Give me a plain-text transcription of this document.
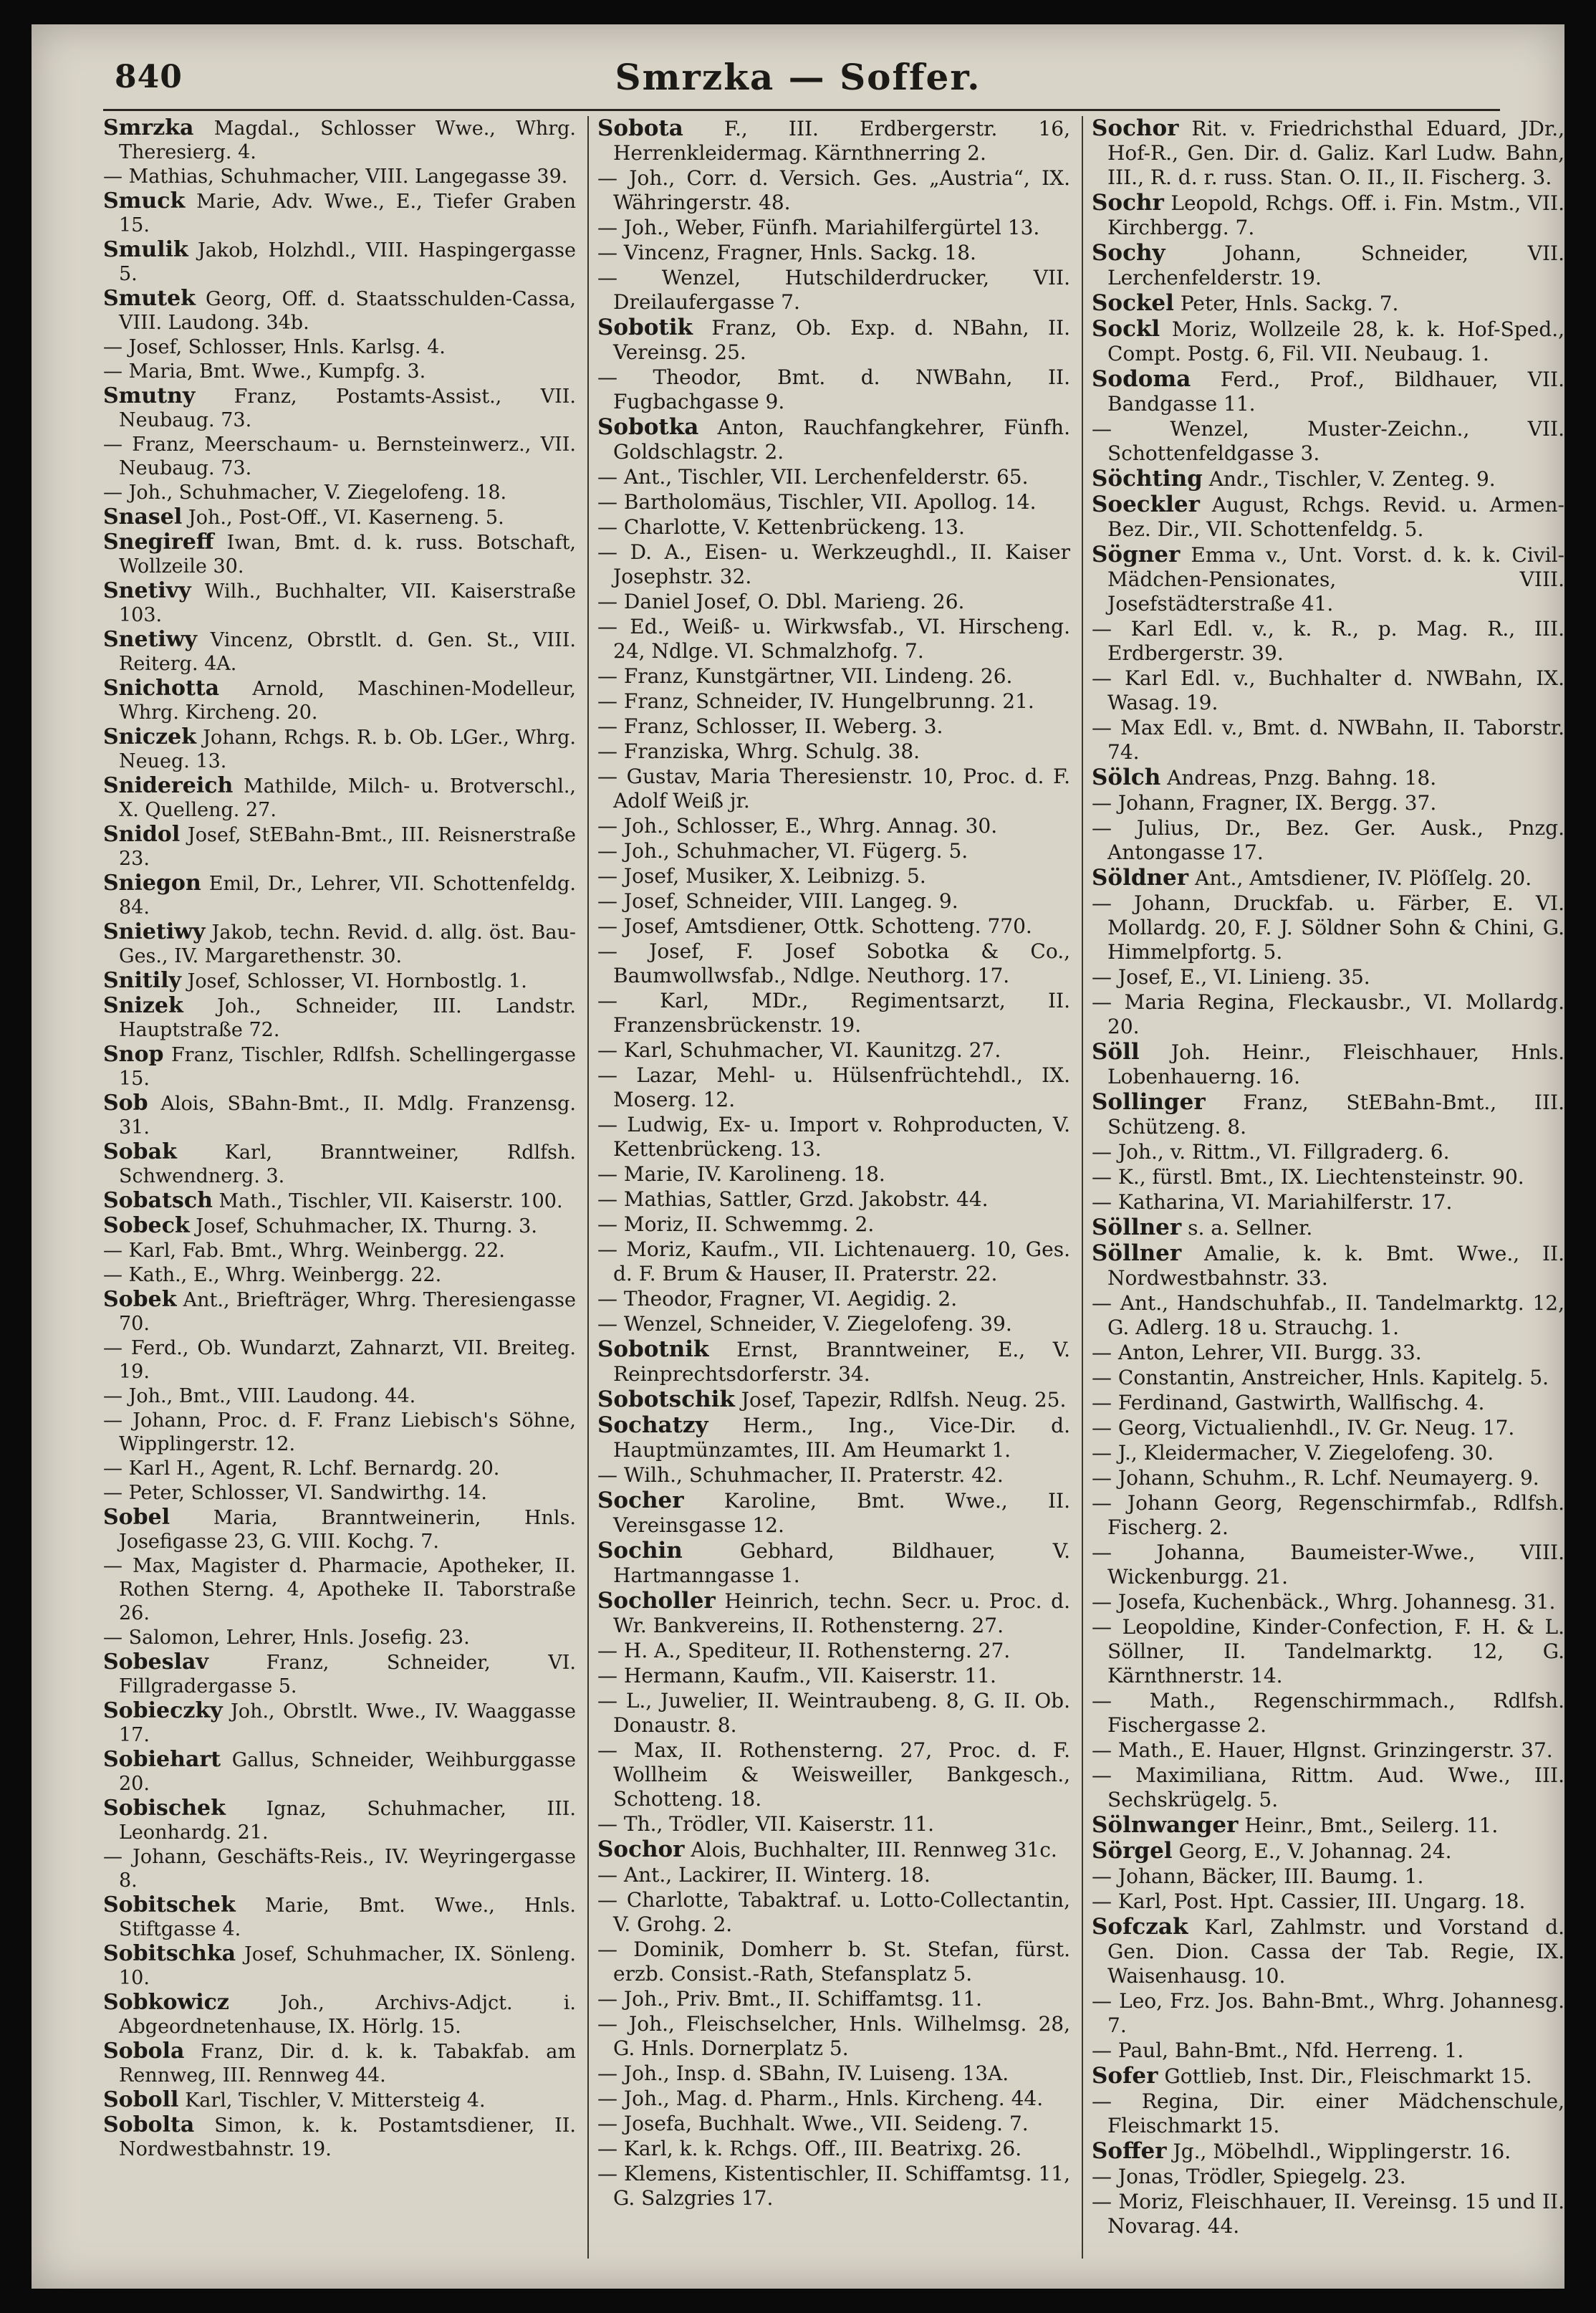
840	Smrzka — Soffer.

Smrzka Magdal., Schlosser Wwe., Whrg. Theresierg. 4.

— Mathias, Schuhmacher, VIII. Langegasse 39.

Smuck Marie, Adv. Wwe., E., Tiefer Graben 15.

Smulik Jakob, Holzhdl., VIII. Haspingergasse 5.

Smutek Georg, Off. d. Staatsschulden-Cassa, VIII. Laudong. 34b.

— Josef, Schlosser, Hnls. Karlsg. 4.

— Maria, Bmt. Wwe., Kumpfg. 3.

Smutny Franz, Postamts-Assist., VII. Neubaug. 73.

— Franz, Meerschaum- u. Bernsteinwerz., VII. Neubaug. 73.

— Joh., Schuhmacher, V. Ziegelofeng. 18.

Snasel Joh., Post-Off., VI. Kaserneng. 5.

Snegireff Iwan, Bmt. d. k. russ. Botschaft, Wollzeile 30.

Snetivy Wilh., Buchhalter, VII. Kaiserstraße 103.

Snetiwy Vincenz, Obrstlt. d. Gen. St., VIII. Reiterg. 4A.

Snichotta Arnold, Maschinen-Modelleur, Whrg. Kircheng. 20.

Sniczek Johann, Rchgs. R. b. Ob. LGer., Whrg. Neueg. 13.

Snidereich Mathilde, Milch- u. Brotverschl., X. Quelleng. 27.

Snidol Josef, StEBahn-Bmt., III. Reisnerstraße 23.

Sniegon Emil, Dr., Lehrer, VII. Schottenfeldg. 84.

Snietiwy Jakob, techn. Revid. d. allg. öst. Bau-Ges., IV. Margarethenstr. 30.

Snitily Josef, Schlosser, VI. Hornbostlg. 1.

Snizek Joh., Schneider, III. Landstr. Hauptstraße 72.

Snop Franz, Tischler, Rdlfsh. Schellingergasse 15.

Sob Alois, SBahn-Bmt., II. Mdlg. Franzensg. 31.

Sobak Karl, Branntweiner, Rdlfsh. Schwendnerg. 3.

Sobatsch Math., Tischler, VII. Kaiserstr. 100.

Sobeck Josef, Schuhmacher, IX. Thurng. 3.

— Karl, Fab. Bmt., Whrg. Weinbergg. 22.

— Kath., E., Whrg. Weinbergg. 22.

Sobek Ant., Briefträger, Whrg. Theresiengasse 70.

— Ferd., Ob. Wundarzt, Zahnarzt, VII. Breiteg. 19.

— Joh., Bmt., VIII. Laudong. 44.

— Johann, Proc. d. F. Franz Liebisch's Söhne, Wipplingerstr. 12.

— Karl H., Agent, R. Lchf. Bernardg. 20.

— Peter, Schlosser, VI. Sandwirthg. 14.

Sobel Maria, Branntweinerin, Hnls. Josefigasse 23, G. VIII. Kochg. 7.

— Max, Magister d. Pharmacie, Apotheker, II. Rothen Sterng. 4, Apotheke II. Taborstraße 26.

— Salomon, Lehrer, Hnls. Josefig. 23.

Sobeslav	Franz, Schneider, VI. Fillgradergasse 5.

Sobieczky Joh., Obrstlt. Wwe., IV. Waaggasse 17.

Sobiehart Gallus, Schneider, Weihburggasse 20.

Sobischek Ignaz, Schuhmacher, III. Leonhardg. 21.

— Johann, Geschäfts-Reis., IV. Weyringergasse 8.

Sobitschek Marie, Bmt. Wwe., Hnls. Stiftgasse 4.

Sobitschka Josef, Schuhmacher, IX. Sönleng. 10.

Sobkowicz	Joh., Archivs-Adjct. i. Abgeordnetenhause, IX. Hörlg. 15.

Sobola Franz, Dir. d. k. k. Tabakfab. am Rennweg, III. Rennweg 44.

Soboll Karl, Tischler, V. Mittersteig 4.

Sobolta Simon, k. k. Postamtsdiener, II. Nordwestbahnstr. 19.

Sobota F., III. Erdbergerstr. 16, Herrenkleidermag. Kärnthnerring 2.

— Joh., Corr. d. Versich. Ges. „Austria“, IX. Währingerstr. 48.

— Joh., Weber, Fünfh. Mariahilfergürtel 13.

— Vincenz, Fragner, Hnls. Sackg. 18.

— Wenzel, Hutschilderdrucker, VII. Dreilaufergasse 7.

Sobotik Franz, Ob. Exp. d. NBahn, II. Vereinsg. 25.

— Theodor, Bmt. d. NWBahn, II. Fugbachgasse 9.

Sobotka Anton, Rauchfangkehrer, Fünfh. Goldschlagstr. 2.

— Ant., Tischler, VII. Lerchenfelderstr. 65.

— Bartholomäus, Tischler, VII. Apollog. 14.

— Charlotte, V. Kettenbrückeng. 13.

— D. A., Eisen- u. Werkzeughdl., II. Kaiser Josephstr. 32.

— Daniel Josef, O. Dbl. Marieng. 26.

— Ed., Weiß- u. Wirkwsfab., VI. Hirscheng. 24, Ndlge. VI. Schmalzhofg. 7.

— Franz, Kunstgärtner, VII. Lindeng. 26.

— Franz, Schneider, IV. Hungelbrunng. 21.

— Franz, Schlosser, II. Weberg. 3.

— Franziska, Whrg. Schulg. 38.

— Gustav, Maria Theresienstr. 10, Proc. d. F. Adolf Weiß jr.

— Joh., Schlosser, E., Whrg. Annag. 30.

— Joh., Schuhmacher, VI. Fügerg. 5.

— Josef, Musiker, X. Leibnizg. 5.

— Josef, Schneider, VIII. Langeg. 9.

— Josef, Amtsdiener, Ottk. Schotteng. 770.

— Josef, F. Josef Sobotka & Co., Baumwollwsfab., Ndlge. Neuthorg. 17.

— Karl, MDr., Regimentsarzt, II. Franzensbrückenstr. 19.

— Karl, Schuhmacher, VI. Kaunitzg. 27.

— Lazar, Mehl- u. Hülsenfrüchtehdl., IX. Moserg. 12.

— Ludwig, Ex- u. Import v. Rohproducten, V. Kettenbrückeng. 13.

— Marie, IV. Karolineng. 18.

— Mathias, Sattler, Grzd. Jakobstr. 44.

— Moriz, II. Schwemmg. 2.

— Moriz, Kaufm., VII. Lichtenauerg. 10, Ges. d. F. Brum & Hauser, II. Praterstr. 22.

— Theodor, Fragner, VI. Aegidig. 2.

— Wenzel, Schneider, V. Ziegelofeng. 39.

Sobotnik Ernst, Branntweiner, E., V. Reinprechtsdorferstr. 34.

Sobotschik Josef, Tapezir, Rdlfsh. Neug. 25.

Sochatzy Herm., Ing., Vice-Dir. d. Hauptmünzamtes, III. Am Heumarkt 1.

— Wilh., Schuhmacher, II. Praterstr. 42.

Socher Karoline, Bmt. Wwe., II. Vereinsgasse 12.

Sochin	Gebhard, Bildhauer, V. Hartmanngasse 1.

Socholler Heinrich, techn. Secr. u. Proc. d. Wr. Bankvereins, II. Rothensterng. 27.

— H. A., Spediteur, II. Rothensterng. 27.

— Hermann, Kaufm., VII. Kaiserstr. 11.

— L., Juwelier, II. Weintraubeng. 8, G. II. Ob. Donaustr. 8.

— Max, II. Rothensterng. 27, Proc. d. F. Wollheim & Weisweiller, Bankgesch., Schotteng. 18.

— Th., Trödler, VII. Kaiserstr. 11.

Sochor Alois, Buchhalter, III. Rennweg 31c.

— Ant., Lackirer, II. Winterg. 18.

— Charlotte, Tabaktraf. u. Lotto-Collectantin, V. Grohg. 2.

— Dominik, Domherr b. St. Stefan, fürst. erzb. Consist.-Rath, Stefansplatz 5.

— Joh., Priv. Bmt., II. Schiffamtsg. 11.

— Joh., Fleischselcher, Hnls. Wilhelmsg. 28, G. Hnls. Dornerplatz 5.

— Joh., Insp. d. SBahn, IV. Luiseng. 13A.

— Joh., Mag. d. Pharm., Hnls. Kircheng. 44.

— Josefa, Buchhalt. Wwe., VII. Seideng. 7.

— Karl, k. k. Rchgs. Off., III. Beatrixg. 26.

— Klemens, Kistentischler, II. Schiffamtsg. 11, G. Salzgries 17.

Sochor Rit. v. Friedrichsthal Eduard, JDr., Hof-R., Gen. Dir. d. Galiz. Karl Ludw. Bahn, III., R. d. r. russ. Stan. O. II., II. Fischerg. 3.

Sochr Leopold, Rchgs. Off. i. Fin. Mstm., VII. Kirchbergg. 7.

Sochy	Johann, Schneider, VII. Lerchenfelderstr. 19.

Sockel Peter, Hnls. Sackg. 7.

Sockl Moriz, Wollzeile 28, k. k. Hof-Sped., Compt. Postg. 6, Fil. VII. Neubaug. 1.

Sodoma Ferd., Prof., Bildhauer, VII. Bandgasse 11.

— Wenzel, Muster-Zeichn., VII. Schottenfeldgasse 3.

Söchting Andr., Tischler, V. Zenteg. 9.

Soeckler August, Rchgs. Revid. u. Armen-Bez. Dir., VII. Schottenfeldg. 5.

Sögner Emma v., Unt. Vorst. d. k. k. Civil-Mädchen-Pensionates, VIII. Josefstädterstraße 41.

— Karl Edl. v., k. R., p. Mag. R., III. Erdbergerstr. 39.

— Karl Edl. v., Buchhalter d. NWBahn, IX. Wasag. 19.

— Max Edl. v., Bmt. d. NWBahn, II. Taborstr. 74.

Sölch Andreas, Pnzg. Bahng. 18.

— Johann, Fragner, IX. Bergg. 37.

— Julius, Dr., Bez. Ger. Ausk., Pnzg. Antongasse 17.

Söldner Ant., Amtsdiener, IV. Plöſſelg. 20.

— Johann, Druckfab. u. Färber, E. VI. Mollardg. 20, F. J. Söldner Sohn & Chini, G. Himmelpfortg. 5.

— Josef, E., VI. Linieng. 35.

— Maria Regina, Fleckausbr., VI. Mollardg. 20.

Söll Joh. Heinr., Fleischhauer, Hnls. Lobenhauerng. 16.

Sollinger Franz, StEBahn-Bmt., III. Schützeng. 8.

— Joh., v. Rittm., VI. Fillgraderg. 6.

— K., fürstl. Bmt., IX. Liechtensteinstr. 90.

— Katharina, VI. Mariahilferstr. 17.

Söllner s. a. Sellner.

Söllner Amalie, k. k. Bmt. Wwe., II. Nordwestbahnstr. 33.

— Ant., Handschuhfab., II. Tandelmarktg. 12, G. Adlerg. 18 u. Strauchg. 1.

— Anton, Lehrer, VII. Burgg. 33.

— Constantin, Anstreicher, Hnls. Kapitelg. 5.

— Ferdinand, Gastwirth, Wallfischg. 4.

— Georg, Victualienhdl., IV. Gr. Neug. 17.

— J., Kleidermacher, V. Ziegelofeng. 30.

— Johann, Schuhm., R. Lchf. Neumayerg. 9.

— Johann Georg, Regenschirmfab., Rdlfsh. Fischerg. 2.

— Johanna, Baumeister-Wwe., VIII. Wickenburgg. 21.

— Josefa, Kuchenbäck., Whrg. Johannesg. 31.

— Leopoldine, Kinder-Confection, F. H. & L. Söllner, II. Tandelmarktg. 12, G. Kärnthnerstr. 14.

— Math., Regenschirmmach., Rdlfsh. Fischergasse 2.

— Math., E. Hauer, Hlgnst. Grinzingerstr. 37.

— Maximiliana, Rittm. Aud. Wwe., III. Sechskrügelg. 5.

Sölnwanger Heinr., Bmt., Seilerg. 11.

Sörgel Georg, E., V. Johannag. 24.

— Johann, Bäcker, III. Baumg. 1.

— Karl, Post. Hpt. Cassier, III. Ungarg. 18.

Sofczak Karl, Zahlmstr. und Vorstand d. Gen. Dion. Cassa der Tab. Regie, IX. Waisenhausg. 10.

— Leo, Frz. Jos. Bahn-Bmt., Whrg. Johannesg. 7.

— Paul, Bahn-Bmt., Nfd. Herreng. 1.

Sofer Gottlieb, Inst. Dir., Fleischmarkt 15.

— Regina, Dir. einer Mädchenschule, Fleischmarkt 15.

Soffer Jg., Möbelhdl., Wipplingerstr. 16.

— Jonas, Trödler, Spiegelg. 23.

— Moriz, Fleischhauer, II. Vereinsg. 15 und II. Novarag. 44.
